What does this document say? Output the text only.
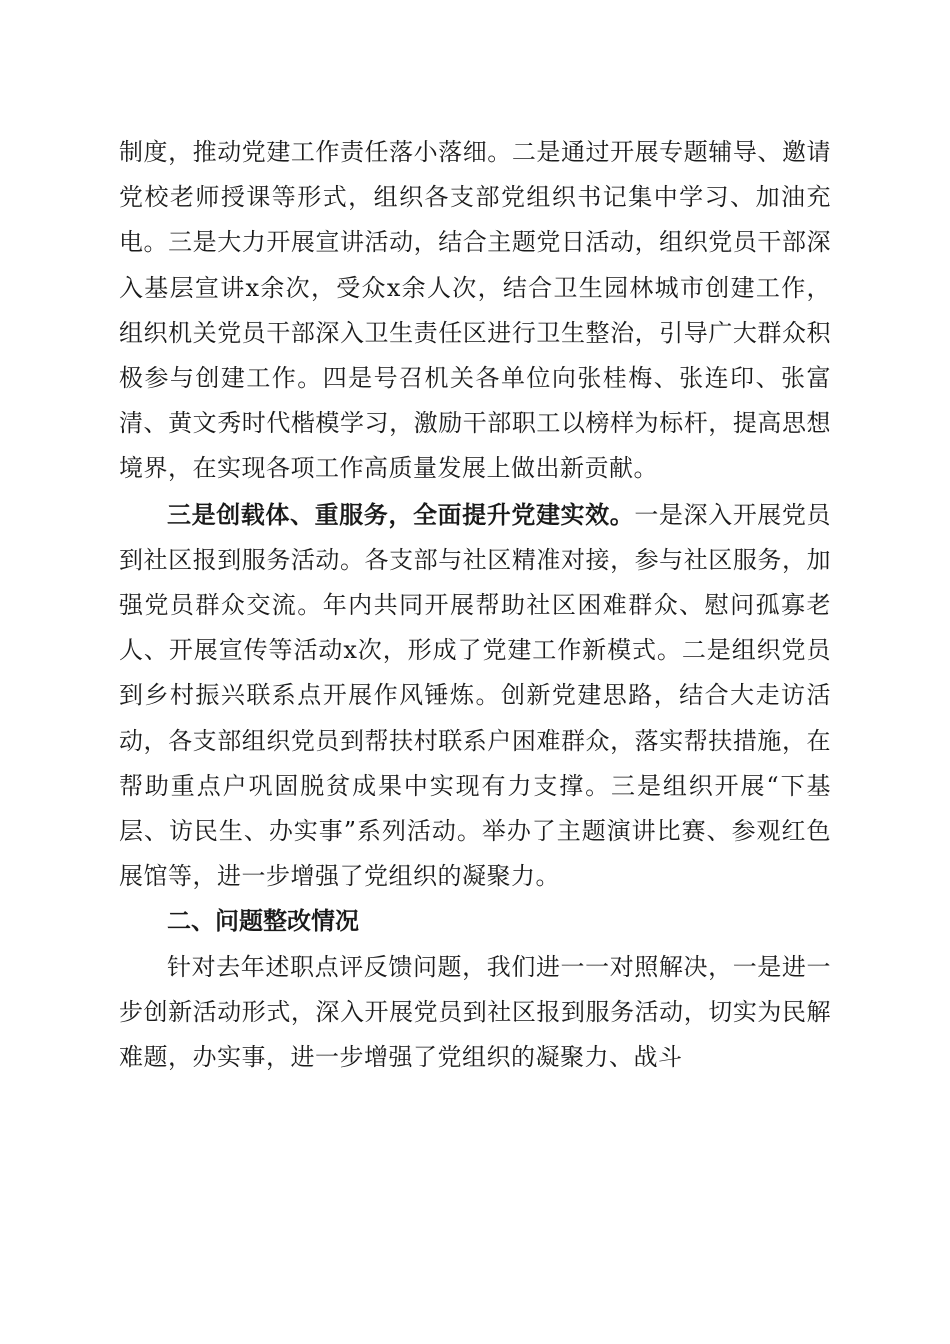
制度，推动党建工作责任落小落细。二是通过开展专题辅导、邀请党校老师授课等形式，组织各支部党组织书记集中学习、加油充电。三是大力开展宣讲活动，结合主题党日活动，组织党员干部深入基层宣讲x余次，受众x余人次，结合卫生园林城市创建工作，组织机关党员干部深入卫生责任区进行卫生整治，引导广大群众积极参与创建工作。四是号召机关各单位向张桂梅、张连印、张富清、黄文秀时代楷模学习，激励干部职工以榜样为标杆，提高思想境界，在实现各项工作高质量发展上做出新贡献。

三是创载体、重服务，全面提升党建实效。一是深入开展党员到社区报到服务活动。各支部与社区精准对接，参与社区服务，加强党员群众交流。年内共同开展帮助社区困难群众、慰问孤寡老人、开展宣传等活动x次，形成了党建工作新模式。二是组织党员到乡村振兴联系点开展作风锤炼。创新党建思路，结合大走访活动，各支部组织党员到帮扶村联系户困难群众，落实帮扶措施，在帮助重点户巩固脱贫成果中实现有力支撑。三是组织开展“下基层、访民生、办实事”系列活动。举办了主题演讲比赛、参观红色展馆等，进一步增强了党组织的凝聚力。

二、问题整改情况

针对去年述职点评反馈问题，我们进一一对照解决，一是进一步创新活动形式，深入开展党员到社区报到服务活动，切实为民解难题，办实事，进一步增强了党组织的凝聚力、战斗
